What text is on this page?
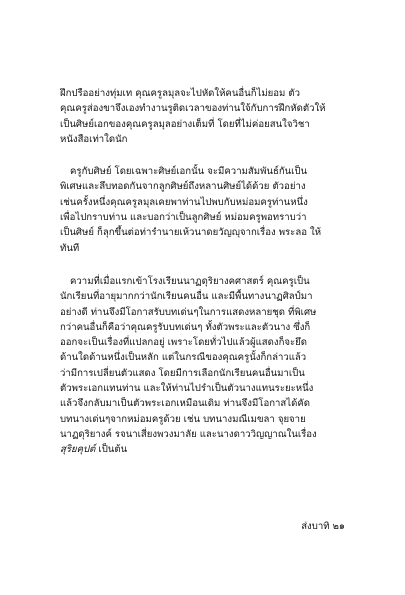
ฝึกปรืออย่างทุ่มเท คุณครูลมุลจะไปหัดให้คนอื่นก็ไม่ยอม ตัว
คุณครูส่องขาจึงเองทำงานรูติดเวลาของท่านใจ้กับการฝึกหัดตัวให้
เป็นศิษย์เอกของคุณครูลมุลอย่างเต็มที่ โดยที่ไม่ค่อยสนใจวิชา
หนังสือเท่าใดนัก
ครูกับศิษย์ โดยเฉพาะศิษย์เอกนั้น จะมีความสัมพันธ์กันเป็น
พิเศษและลึบทอดกันจากลูกศิษย์ถึงหลานศิษย์ได้ด้วย ตัวอย่าง
เช่นครั้งหนึ่งคุณครูลมุลเคยพาท่านไปพบกับหม่อมครูท่านหนึ่ง
เพื่อไปกราบท่าน และบอกว่าเป็นลูกศิษย์ หม่อมครูพอทราบว่า
เป็นศิษย์ ก็ลุกขึ้นต่อท่ารำนายเห้วนาดยวัญญุจากเรื่อง พระลอ ให้
ทันที
ความที่เมื่อแรกเข้าโรงเรียนนาฏดุริยางคศาสตร์ คุณครูเป็น
นักเรียนที่อายุมากกว่านักเรียนคนอื่น และมีพื้นทางนาฏศิลป์มา
อย่างดี ท่านจึงมีโอกาสรับบทเด่นๆในการแสดงหลายชุด ที่พิเศษ
กว่าคนอื่นก็คือว่าคุณครูรับบทเด่นๆ ทั้งตัวพระและตัวนาง ซึ่งก็
ออกจะเป็นเรื่องที่แปลกอยู่ เพราะโดยทั่วไปแล้วผู้แสดงก็จะยึด
ด้านใดด้านหนึ่งเป็นหลัก แต่ในกรณีของคุณครูนั้งก็กล่าวแล้ว
ว่ามีการเปลี่ยนตัวแสดง โดยมีการเลือกนักเรียนคนอื่นมาเป็น
ตัวพระเอกแทนท่าน และให้ท่านไปรำเป็นตัวนางแทนระยะหนึ่ง
แล้วจึงกลับมาเป็นตัวพระเอกเหมือนเดิม ท่านจึงมีโอกาสได้คัด
บทนางเด่นๆจากหม่อมครูด้วย เช่น บทนางมณีเมขลา จุยจาย
นาฏดุริยางค์ รจนาเสี่ยงพวงมาลัย และนางดาววิญญาณในเรื่อง
สุริยคุปต์ เป็นต้น
ส่งบาทิ ๒๑
